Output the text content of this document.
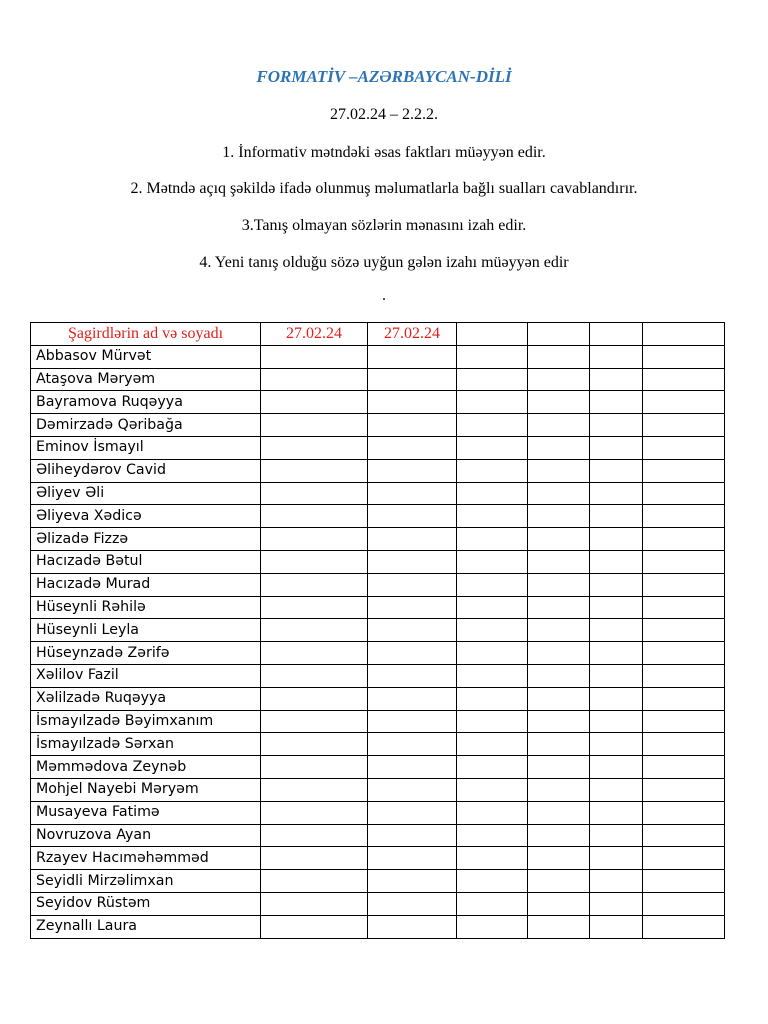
FORMATİV –AZƏRBAYCAN-DİLİ
27.02.24 – 2.2.2.
1. İnformativ mətndəki əsas faktları müəyyən edir.
2. Mətndə açıq şəkildə ifadə olunmuş məlumatlarla bağlı sualları cavablandırır.
3.Tanış olmayan sözlərin mənasını izah edir.
4. Yeni tanış olduğu sözə uyğun gələn izahı müəyyən edir
.
Şagirdlərin ad və soyadı	27.02.24	27.02.24				
Abbasov Mürvət						
Ataşova Məryəm						
Bayramova Ruqəyya						
Dəmirzadə Qəribağa						
Eminov İsmayıl						
Əliheydərov Cavid						
Əliyev Əli						
Əliyeva Xədicə						
Əlizadə Fizzə						
Hacızadə Bətul						
Hacızadə Murad						
Hüseynli Rəhilə						
Hüseynli Leyla						
Hüseynzadə Zərifə						
Xəlilov Fazil						
Xəlilzadə Ruqəyya						
İsmayılzadə Bəyimxanım						
İsmayılzadə Sərxan						
Məmmədova Zeynəb						
Mohjel Nayebi Məryəm						
Musayeva Fatimə						
Novruzova Ayan						
Rzayev Hacıməhəmməd						
Seyidli Mirzəlimxan						
Seyidov Rüstəm						
Zeynallı Laura						
